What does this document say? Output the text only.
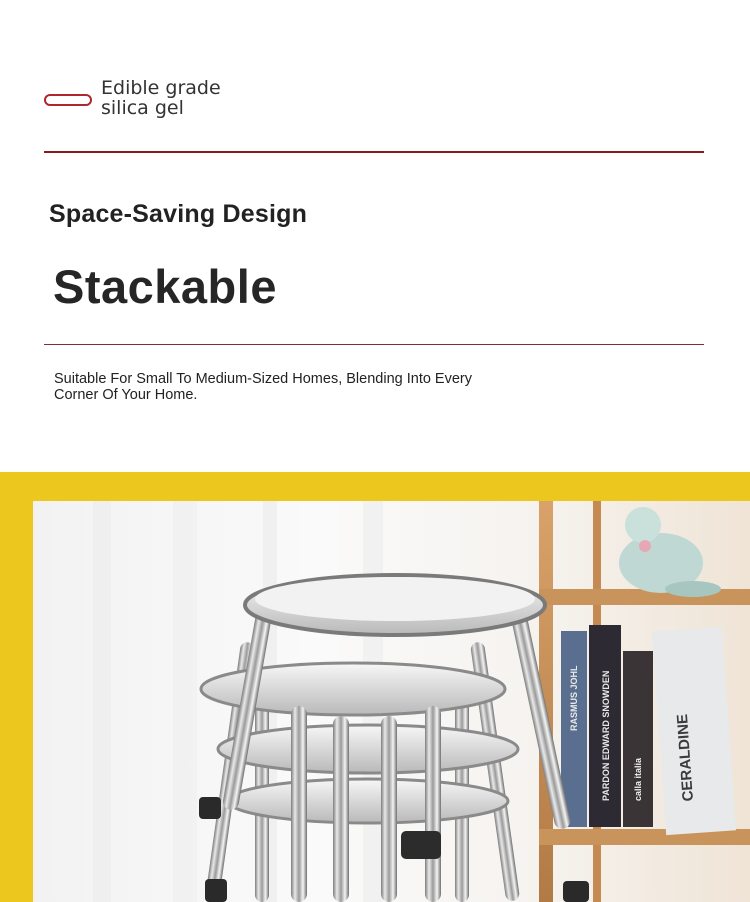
Edible grade
silica gel
Space-Saving Design
Stackable
Suitable For Small To Medium-Sized Homes, Blending Into Every
Corner Of Your Home.
RASMUS JOHL PARDON EDWARD SNOWDEN calla italia CERALDINE
